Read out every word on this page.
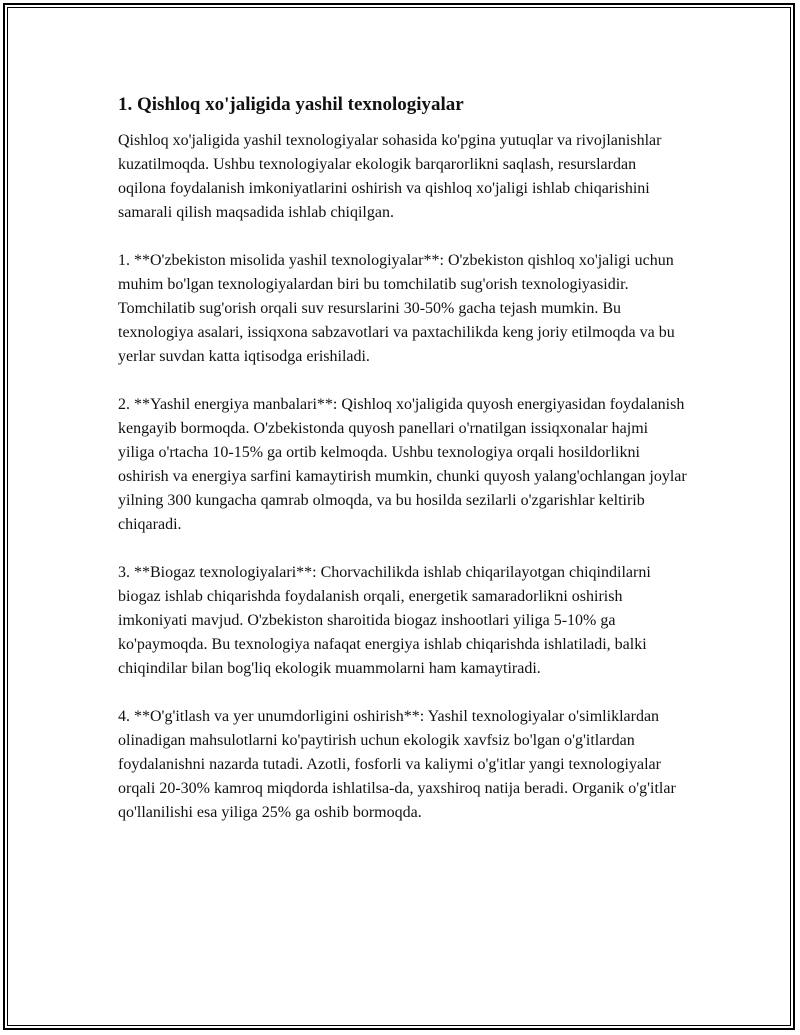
1. Qishloq xo'jaligida yashil texnologiyalar

Qishloq xo'jaligida yashil texnologiyalar sohasida ko'pgina yutuqlar va rivojlanishlar kuzatilmoqda. Ushbu texnologiyalar ekologik barqarorlikni saqlash, resurslardan oqilona foydalanish imkoniyatlarini oshirish va qishloq xo'jaligi ishlab chiqarishini samarali qilish maqsadida ishlab chiqilgan.

1. **O'zbekiston misolida yashil texnologiyalar**: O'zbekiston qishloq xo'jaligi uchun muhim bo'lgan texnologiyalardan biri bu tomchilatib sug'orish texnologiyasidir. Tomchilatib sug'orish orqali suv resurslarini 30-50% gacha tejash mumkin. Bu texnologiya asalari, issiqxona sabzavotlari va paxtachilikda keng joriy etilmoqda va bu yerlar suvdan katta iqtisodga erishiladi.

2. **Yashil energiya manbalari**: Qishloq xo'jaligida quyosh energiyasidan foydalanish kengayib bormoqda. O'zbekistonda quyosh panellari o'rnatilgan issiqxonalar hajmi yiliga o'rtacha 10-15% ga ortib kelmoqda. Ushbu texnologiya orqali hosildorlikni oshirish va energiya sarfini kamaytirish mumkin, chunki quyosh yalang'ochlangan joylar yilning 300 kungacha qamrab olmoqda, va bu hosilda sezilarli o'zgarishlar keltirib chiqaradi.

3. **Biogaz texnologiyalari**: Chorvachilikda ishlab chiqarilayotgan chiqindilarni biogaz ishlab chiqarishda foydalanish orqali, energetik samaradorlikni oshirish imkoniyati mavjud. O'zbekiston sharoitida biogaz inshootlari yiliga 5-10% ga ko'paymoqda. Bu texnologiya nafaqat energiya ishlab chiqarishda ishlatiladi, balki chiqindilar bilan bog'liq ekologik muammolarni ham kamaytiradi.

4. **O'g'itlash va yer unumdorligini oshirish**: Yashil texnologiyalar o'simliklardan olinadigan mahsulotlarni ko'paytirish uchun ekologik xavfsiz bo'lgan o'g'itlardan foydalanishni nazarda tutadi. Azotli, fosforli va kaliymi o'g'itlar yangi texnologiyalar orqali 20-30% kamroq miqdorda ishlatilsa-da, yaxshiroq natija beradi. Organik o'g'itlar qo'llanilishi esa yiliga 25% ga oshib bormoqda.
